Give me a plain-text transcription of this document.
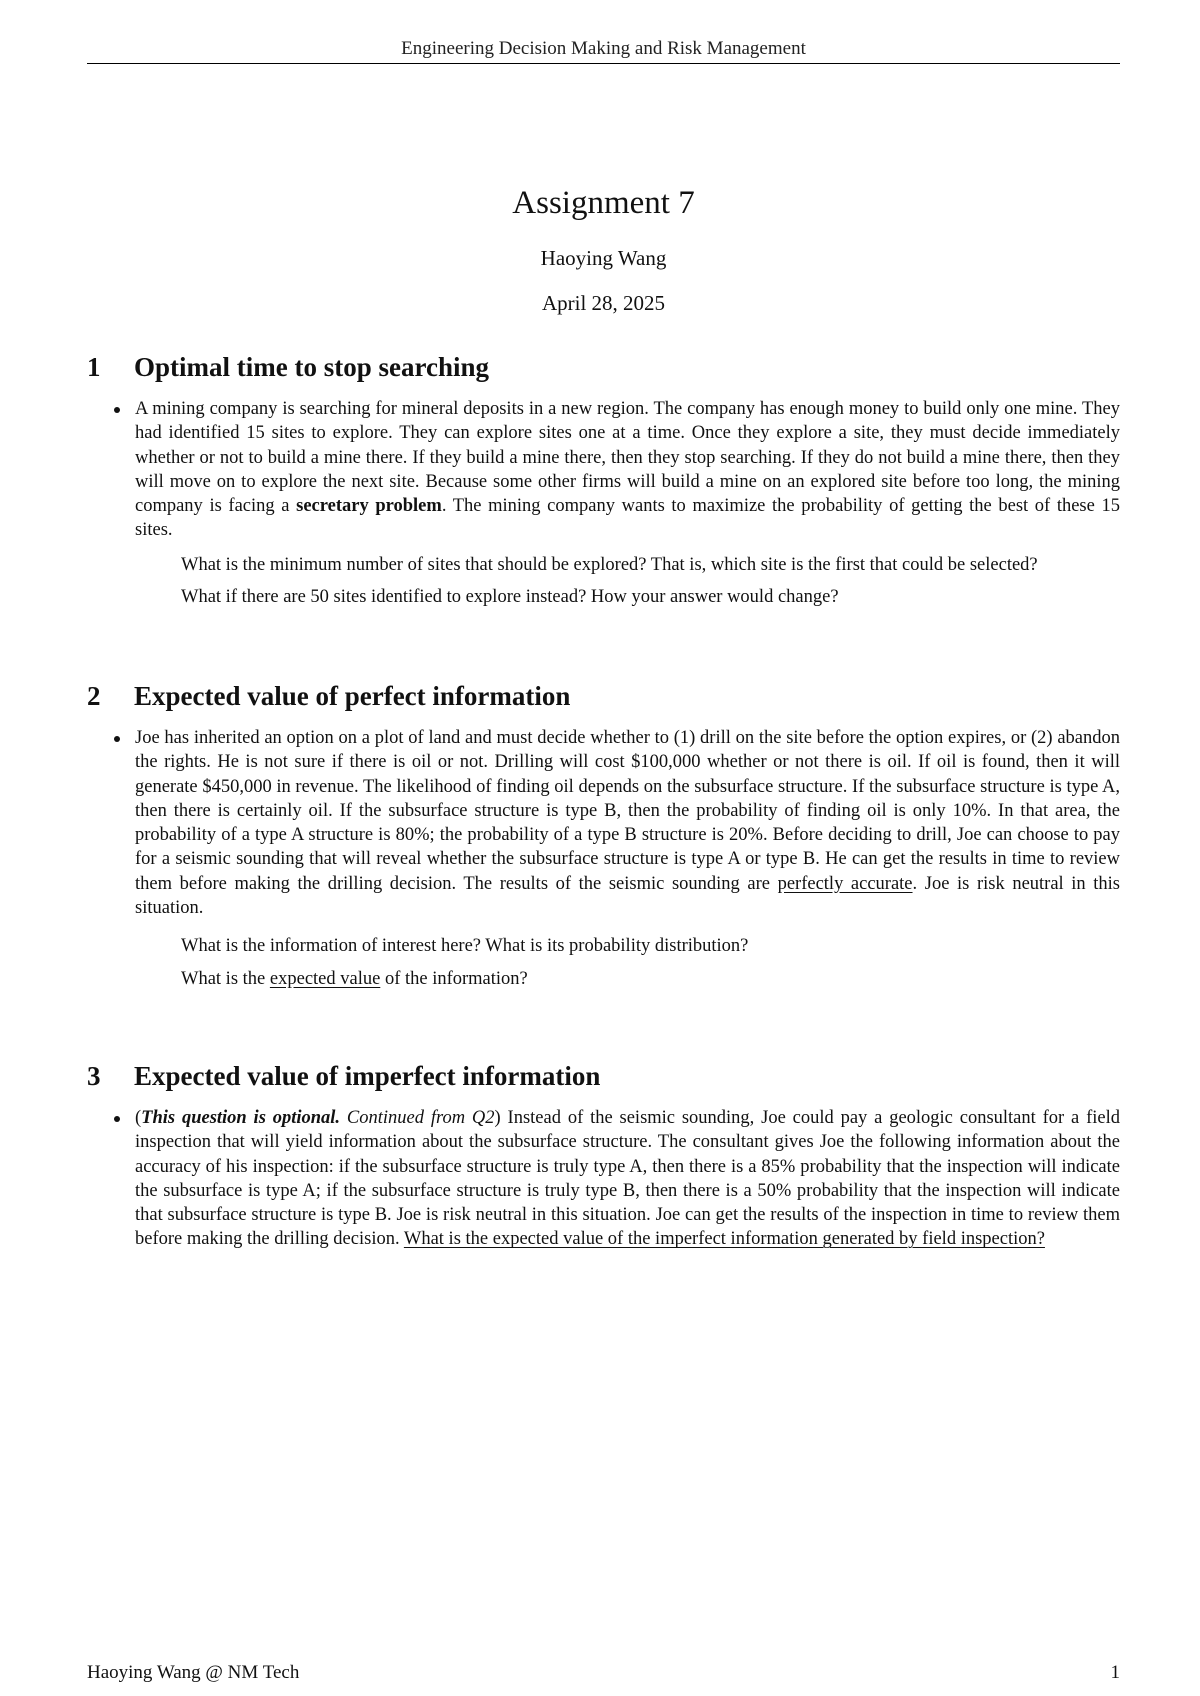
Engineering Decision Making and Risk Management
Assignment 7
Haoying Wang
April 28, 2025
1	Optimal time to stop searching
A mining company is searching for mineral deposits in a new region. The company has enough money to build only one mine. They had identified 15 sites to explore. They can explore sites one at a time. Once they explore a site, they must decide immediately whether or not to build a mine there. If they build a mine there, then they stop searching. If they do not build a mine there, then they will move on to explore the next site. Because some other firms will build a mine on an explored site before too long, the mining company is facing a secretary problem. The mining company wants to maximize the probability of getting the best of these 15 sites.

What is the minimum number of sites that should be explored? That is, which site is the first that could be selected?

What if there are 50 sites identified to explore instead? How your answer would change?

2	Expected value of perfect information
Joe has inherited an option on a plot of land and must decide whether to (1) drill on the site before the option expires, or (2) abandon the rights. He is not sure if there is oil or not. Drilling will cost $100,000 whether or not there is oil. If oil is found, then it will generate $450,000 in revenue. The likelihood of finding oil depends on the subsurface structure. If the subsurface structure is type A, then there is certainly oil. If the subsurface structure is type B, then the probability of finding oil is only 10%. In that area, the probability of a type A structure is 80%; the probability of a type B structure is 20%. Before deciding to drill, Joe can choose to pay for a seismic sounding that will reveal whether the subsurface structure is type A or type B. He can get the results in time to review them before making the drilling decision. The results of the seismic sounding are perfectly accurate. Joe is risk neutral in this situation.

What is the information of interest here? What is its probability distribution?

What is the expected value of the information?

3	Expected value of imperfect information
(This question is optional. Continued from Q2) Instead of the seismic sounding, Joe could pay a geologic consultant for a field inspection that will yield information about the subsurface structure. The consultant gives Joe the following information about the accuracy of his inspection: if the subsurface structure is truly type A, then there is a 85% probability that the inspection will indicate the subsurface is type A; if the subsurface structure is truly type B, then there is a 50% probability that the inspection will indicate that subsurface structure is type B. Joe is risk neutral in this situation. Joe can get the results of the inspection in time to review them before making the drilling decision. What is the expected value of the imperfect information generated by field inspection?
Haoying Wang @ NM Tech	1
